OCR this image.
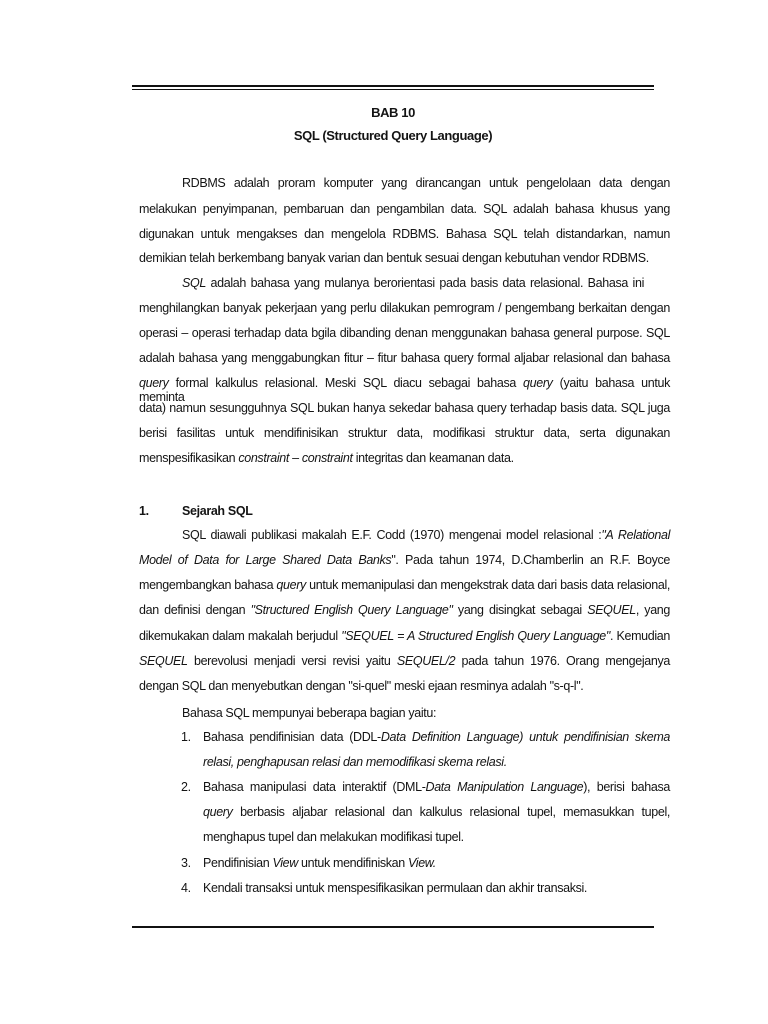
BAB 10
SQL (Structured Query Language)
RDBMS adalah proram komputer yang dirancangan untuk pengelolaan data dengan
melakukan penyimpanan, pembaruan dan pengambilan data. SQL adalah bahasa khusus yang
digunakan untuk mengakses dan mengelola RDBMS. Bahasa SQL telah distandarkan, namun
demikian telah berkembang banyak varian dan bentuk sesuai dengan kebutuhan vendor RDBMS.
SQL adalah bahasa yang mulanya berorientasi pada basis data relasional. Bahasa ini
menghilangkan banyak pekerjaan yang perlu dilakukan pemrogram / pengembang berkaitan dengan
operasi – operasi terhadap data bgila dibanding denan menggunakan bahasa general purpose. SQL
adalah bahasa yang menggabungkan fitur – fitur bahasa query formal aljabar relasional dan bahasa
query formal kalkulus relasional. Meski SQL diacu sebagai bahasa query (yaitu bahasa untuk meminta
data) namun sesungguhnya SQL bukan hanya sekedar bahasa query terhadap basis data. SQL juga
berisi fasilitas untuk mendifinisikan struktur data, modifikasi struktur data, serta digunakan
menspesifikasikan constraint – constraint integritas dan keamanan data.
1.	Sejarah SQL
SQL diawali publikasi makalah E.F. Codd (1970) mengenai model relasional :"A Relational
Model of Data for Large Shared Data Banks". Pada tahun 1974, D.Chamberlin an R.F. Boyce
mengembangkan bahasa query untuk memanipulasi dan mengekstrak data dari basis data relasional,
dan definisi dengan "Structured English Query Language" yang disingkat sebagai SEQUEL, yang
dikemukakan dalam makalah berjudul "SEQUEL = A Structured English Query Language". Kemudian
SEQUEL berevolusi menjadi versi revisi yaitu SEQUEL/2 pada tahun 1976. Orang mengejanya
dengan SQL dan menyebutkan dengan "si-quel" meski ejaan resminya adalah "s-q-l".
Bahasa SQL mempunyai beberapa bagian yaitu:
1. Bahasa pendifinisian data (DDL-Data Definition Language) untuk pendifinisian skema
relasi, penghapusan relasi dan memodifikasi skema relasi.
2. Bahasa manipulasi data interaktif (DML-Data Manipulation Language), berisi bahasa
query berbasis aljabar relasional dan kalkulus relasional tupel, memasukkan tupel,
menghapus tupel dan melakukan modifikasi tupel.
3. Pendifinisian View untuk mendifiniskan View.
4. Kendali transaksi untuk menspesifikasikan permulaan dan akhir transaksi.
